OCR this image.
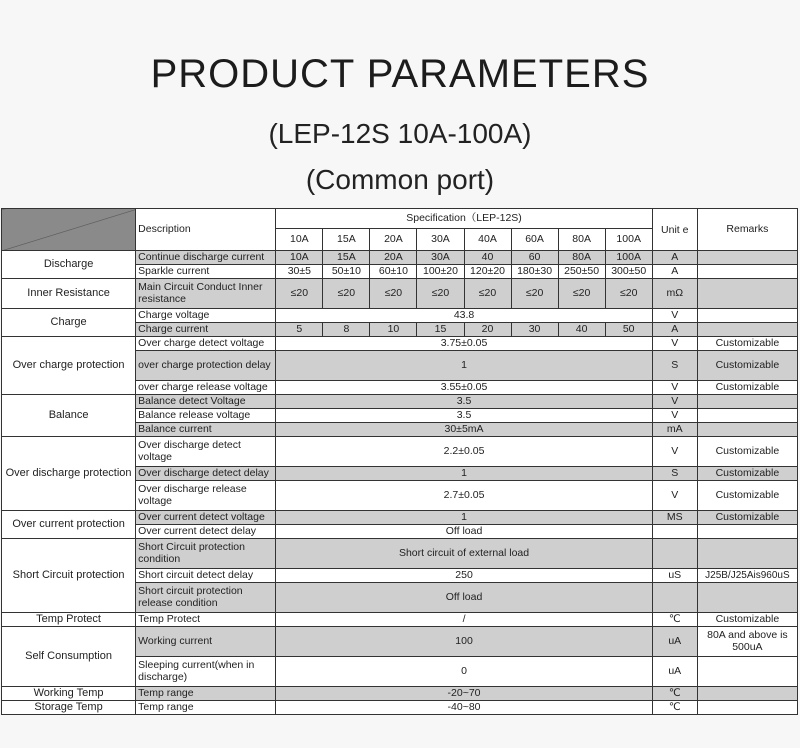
PRODUCT PARAMETERS
(LEP-12S 10A-100A)
(Common port)
	Description	Specification（LEP-12S)								Unit e	Remarks
		10A	15A	20A	30A	40A	60A	80A	100A		
Discharge	Continue discharge current	10A	15A	20A	30A	40	60	80A	100A	A	
	Sparkle current	30±5	50±10	60±10	100±20	120±20	180±30	250±50	300±50	A	
Inner Resistance	Main Circuit Conduct Inner resistance	≤20	≤20	≤20	≤20	≤20	≤20	≤20	≤20	mΩ	
Charge	Charge voltage	43.8								V	
	Charge current	5	8	10	15	20	30	40	50	A	
Over charge protection	Over charge detect voltage	3.75±0.05								V	Customizable
	over charge protection delay	1								S	Customizable
	over charge release voltage	3.55±0.05								V	Customizable
Balance	Balance detect Voltage	3.5								V	
	Balance release voltage	3.5								V	
	Balance current	30±5mA								mA	
Over discharge protection	Over discharge detect voltage	2.2±0.05								V	Customizable
	Over discharge detect delay	1								S	Customizable
	Over discharge release voltage	2.7±0.05								V	Customizable
Over current protection	Over current detect voltage	1								MS	Customizable
	Over current detect delay	Off load									
Short Circuit protection	Short Circuit protection condition	Short circuit of external load									
	Short circuit detect delay	250								uS	J25B/J25Ais960uS
	Short circuit protection release condition	Off load									
Temp Protect	Temp Protect	/								℃	Customizable
Self Consumption	Working current	100								uA	80A and above is 500uA
	Sleeping current(when in discharge)	0								uA	
Working Temp	Temp range	-20~70								℃	
Storage Temp	Temp range	-40~80								℃	
